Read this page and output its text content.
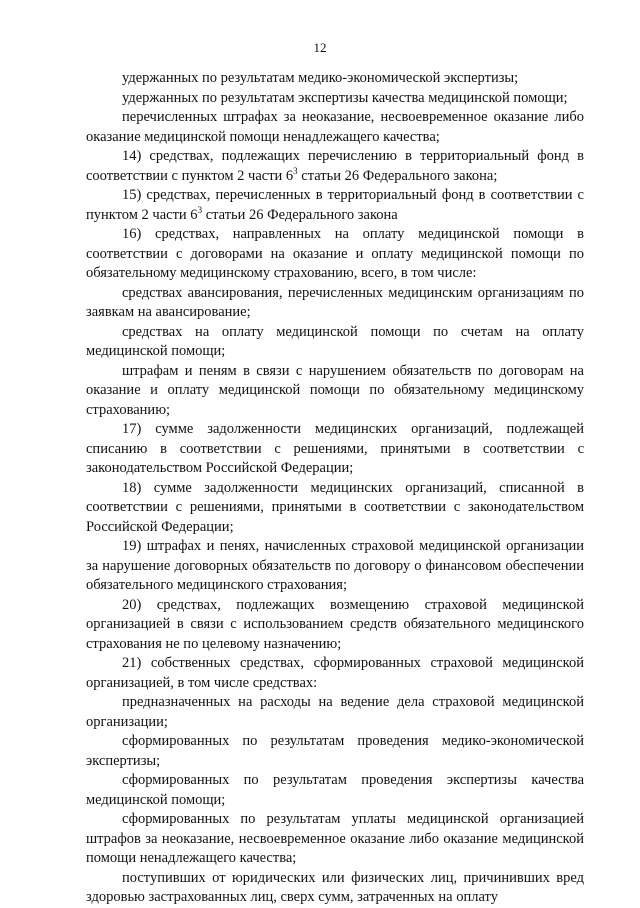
12

удержанных по результатам медико-экономической экспертизы;

удержанных по результатам экспертизы качества медицинской помощи;

перечисленных штрафах за неоказание, несвоевременное оказание либо оказание медицинской помощи ненадлежащего качества;

14) средствах, подлежащих перечислению в территориальный фонд в соответствии с пунктом 2 части $6^3$ статьи 26 Федерального закона;

15) средствах, перечисленных в территориальный фонд в соответствии с пунктом 2 части $6^3$ статьи 26 Федерального закона

16) средствах, направленных на оплату медицинской помощи в соответствии с договорами на оказание и оплату медицинской помощи по обязательному медицинскому страхованию, всего, в том числе:

средствах авансирования, перечисленных медицинским организациям по заявкам на авансирование;

средствах на оплату медицинской помощи по счетам на оплату медицинской помощи;

штрафам и пеням в связи с нарушением обязательств по договорам на оказание и оплату медицинской помощи по обязательному медицинскому страхованию;

17) сумме задолженности медицинских организаций, подлежащей списанию в соответствии с решениями, принятыми в соответствии с законодательством Российской Федерации;

18) сумме задолженности медицинских организаций, списанной в соответствии с решениями, принятыми в соответствии с законодательством Российской Федерации;

19) штрафах и пенях, начисленных страховой медицинской организации за нарушение договорных обязательств по договору о финансовом обеспечении обязательного медицинского страхования;

20) средствах, подлежащих возмещению страховой медицинской организацией в связи с использованием средств обязательного медицинского страхования не по целевому назначению;

21) собственных средствах, сформированных страховой медицинской организацией, в том числе средствах:

предназначенных на расходы на ведение дела страховой медицинской организации;

сформированных по результатам проведения медико-экономической экспертизы;

сформированных по результатам проведения экспертизы качества медицинской помощи;

сформированных по результатам уплаты медицинской организацией штрафов за неоказание, несвоевременное оказание либо оказание медицинской помощи ненадлежащего качества;

поступивших от юридических или физических лиц, причинивших вред здоровью застрахованных лиц, сверх сумм, затраченных на оплату
